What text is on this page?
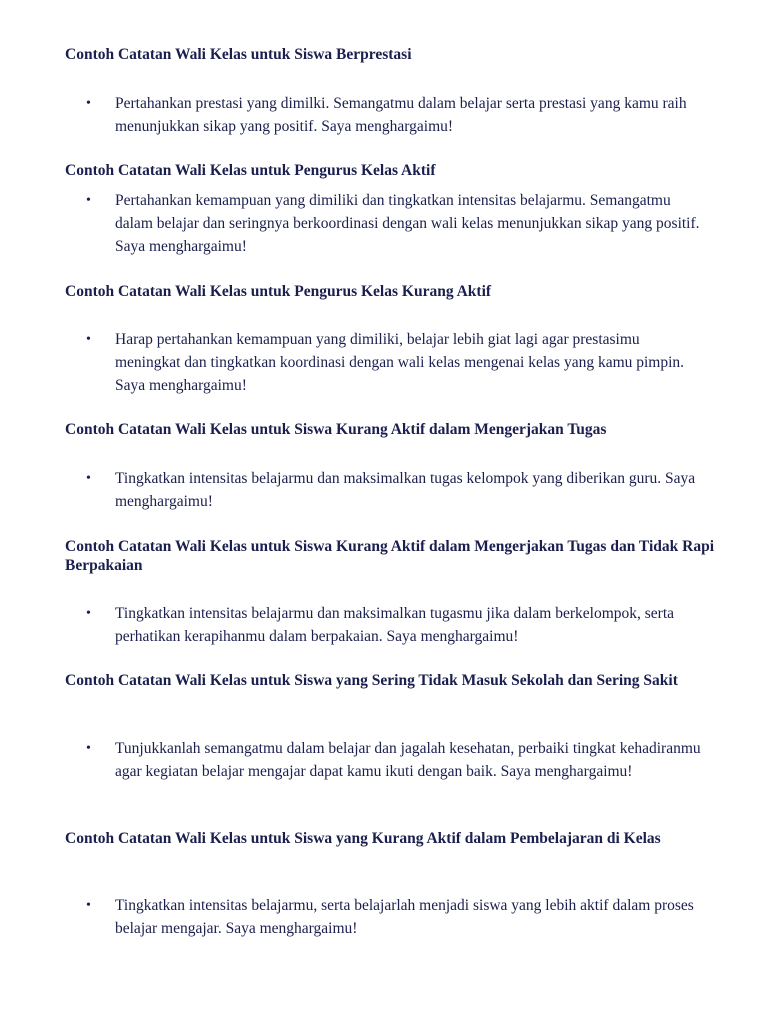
Contoh Catatan Wali Kelas untuk Siswa Berprestasi
•	Pertahankan prestasi yang dimilki. Semangatmu dalam belajar serta prestasi yang kamu raih menunjukkan sikap yang positif. Saya menghargaimu!

Contoh Catatan Wali Kelas untuk Pengurus Kelas Aktif
•	Pertahankan kemampuan yang dimiliki dan tingkatkan intensitas belajarmu. Semangatmu dalam belajar dan seringnya berkoordinasi dengan wali kelas menunjukkan sikap yang positif. Saya menghargaimu!

Contoh Catatan Wali Kelas untuk Pengurus Kelas Kurang Aktif
•	Harap pertahankan kemampuan yang dimiliki, belajar lebih giat lagi agar prestasimu meningkat dan tingkatkan koordinasi dengan wali kelas mengenai kelas yang kamu pimpin. Saya menghargaimu!

Contoh Catatan Wali Kelas untuk Siswa Kurang Aktif dalam Mengerjakan Tugas
•	Tingkatkan intensitas belajarmu dan maksimalkan tugas kelompok yang diberikan guru. Saya menghargaimu!

Contoh Catatan Wali Kelas untuk Siswa Kurang Aktif dalam Mengerjakan Tugas dan Tidak Rapi Berpakaian
•	Tingkatkan intensitas belajarmu dan maksimalkan tugasmu jika dalam berkelompok, serta perhatikan kerapihanmu dalam berpakaian. Saya menghargaimu!

Contoh Catatan Wali Kelas untuk Siswa yang Sering Tidak Masuk Sekolah dan Sering Sakit
•	Tunjukkanlah semangatmu dalam belajar dan jagalah kesehatan, perbaiki tingkat kehadiranmu agar kegiatan belajar mengajar dapat kamu ikuti dengan baik. Saya menghargaimu!

Contoh Catatan Wali Kelas untuk Siswa yang Kurang Aktif dalam Pembelajaran di Kelas
•	Tingkatkan intensitas belajarmu, serta belajarlah menjadi siswa yang lebih aktif dalam proses belajar mengajar. Saya menghargaimu!
